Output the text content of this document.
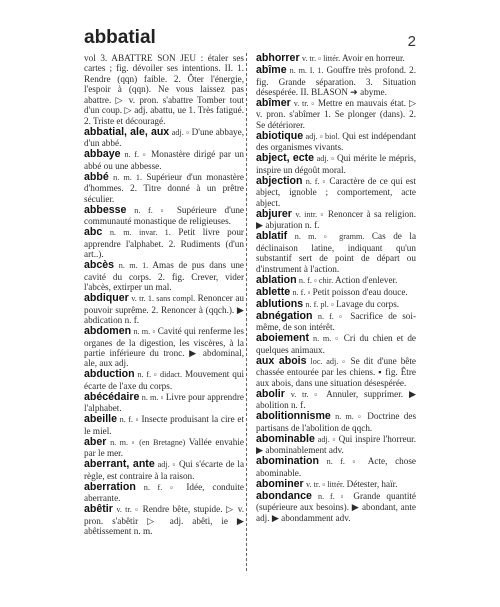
abbatial	2
vol 3. ABATTRE SON JEU : étaler ses cartes ; fig. dévoiler ses intentions. II. 1. Rendre (qqn) faible. 2. Ôter l'énergie, l'espoir à (qqn). Ne vous laissez pas abattre. ▷ v. pron. s'abattre Tomber tout d'un coup. ▷ adj. abattu, ue 1. Très fatigué. 2. Triste et découragé.
abbatial, ale, aux adj. ▫ D'une abbaye, d'un abbé.
abbaye n. f. ▫ Monastère dirigé par un abbé ou une abbesse.
abbé n. m. 1. Supérieur d'un monastère d'hommes. 2. Titre donné à un prêtre séculier.
abbesse n. f. ▫ Supérieure d'une communauté monastique de religieuses.
abc n. m. invar. 1. Petit livre pour apprendre l'alphabet. 2. Rudiments (d'un art..).
abcès n. m. 1. Amas de pus dans une cavité du corps. 2. fig. Crever, vider l'abcès, extirper un mal.
abdiquer v. tr. 1. sans compl. Renoncer au pouvoir suprême. 2. Renoncer à (qqch.). ▶ abdication n. f.
abdomen n. m. ▫ Cavité qui renferme les organes de la digestion, les viscères, à la partie inférieure du tronc. ▶ abdominal, ale, aux adj.
abduction n. f. ▫ didact. Mouvement qui écarte de l'axe du corps.
abécédaire n. m. ▫ Livre pour apprendre l'alphabet.
abeille n. f. ▫ Insecte produisant la cire et le miel.
aber n. m. ▫ (en Bretagne) Vallée envahie par le mer.
aberrant, ante adj. ▫ Qui s'écarte de la règle, est contraire à la raison.
aberration n. f. ▫ Idée, conduite aberrante.
abêtir v. tr. ▫ Rendre bête, stupide. ▷ v. pron. s'abêtir ▷ adj. abêti, ie ▶ abêtissement n. m.
abhorrer v. tr. ▫ littér. Avoir en horreur.
abîme n. m. I. 1. Gouffre très profond. 2. fig. Grande séparation. 3. Situation désespérée. II. BLASON ➜ abyme.
abîmer v. tr. ▫ Mettre en mauvais état. ▷ v. pron. s'abîmer 1. Se plonger (dans). 2. Se détériorer.
abiotique adj. ▫ biol. Qui est indépendant des organismes vivants.
abject, ecte adj. ▫ Qui mérite le mépris, inspire un dégoût moral.
abjection n. f. ▫ Caractère de ce qui est abject, ignoble ; comportement, acte abject.
abjurer v. intr. ▫ Renoncer à sa religion. ▶ abjuration n. f.
ablatif n. m. ▫ gramm. Cas de la déclinaison latine, indiquant qu'un substantif sert de point de départ ou d'instrument à l'action.
ablation n. f. ▫ chir. Action d'enlever.
ablette n. f. ▫ Petit poisson d'eau douce.
ablutions n. f. pl. ▫ Lavage du corps.
abnégation n. f. ▫ Sacrifice de soi-même, de son intérêt.
aboiement n. m. ▫ Cri du chien et de quelques animaux.
aux abois loc. adj. ▫ Se dit d'une bête chassée entourée par les chiens. ▪ fig. Être aux abois, dans une situation désespérée.
abolir v. tr. ▫ Annuler, supprimer. ▶ abolition n. f.
abolitionnisme n. m. ▫ Doctrine des partisans de l'abolition de qqch.
abominable adj. ▫ Qui inspire l'horreur. ▶ abominablement adv.
abomination n. f. ▫ Acte, chose abominable.
abominer v. tr. ▫ littér. Détester, haïr.
abondance n. f. ▫ Grande quantité (supérieure aux besoins). ▶ abondant, ante adj. ▶ abondamment adv.
